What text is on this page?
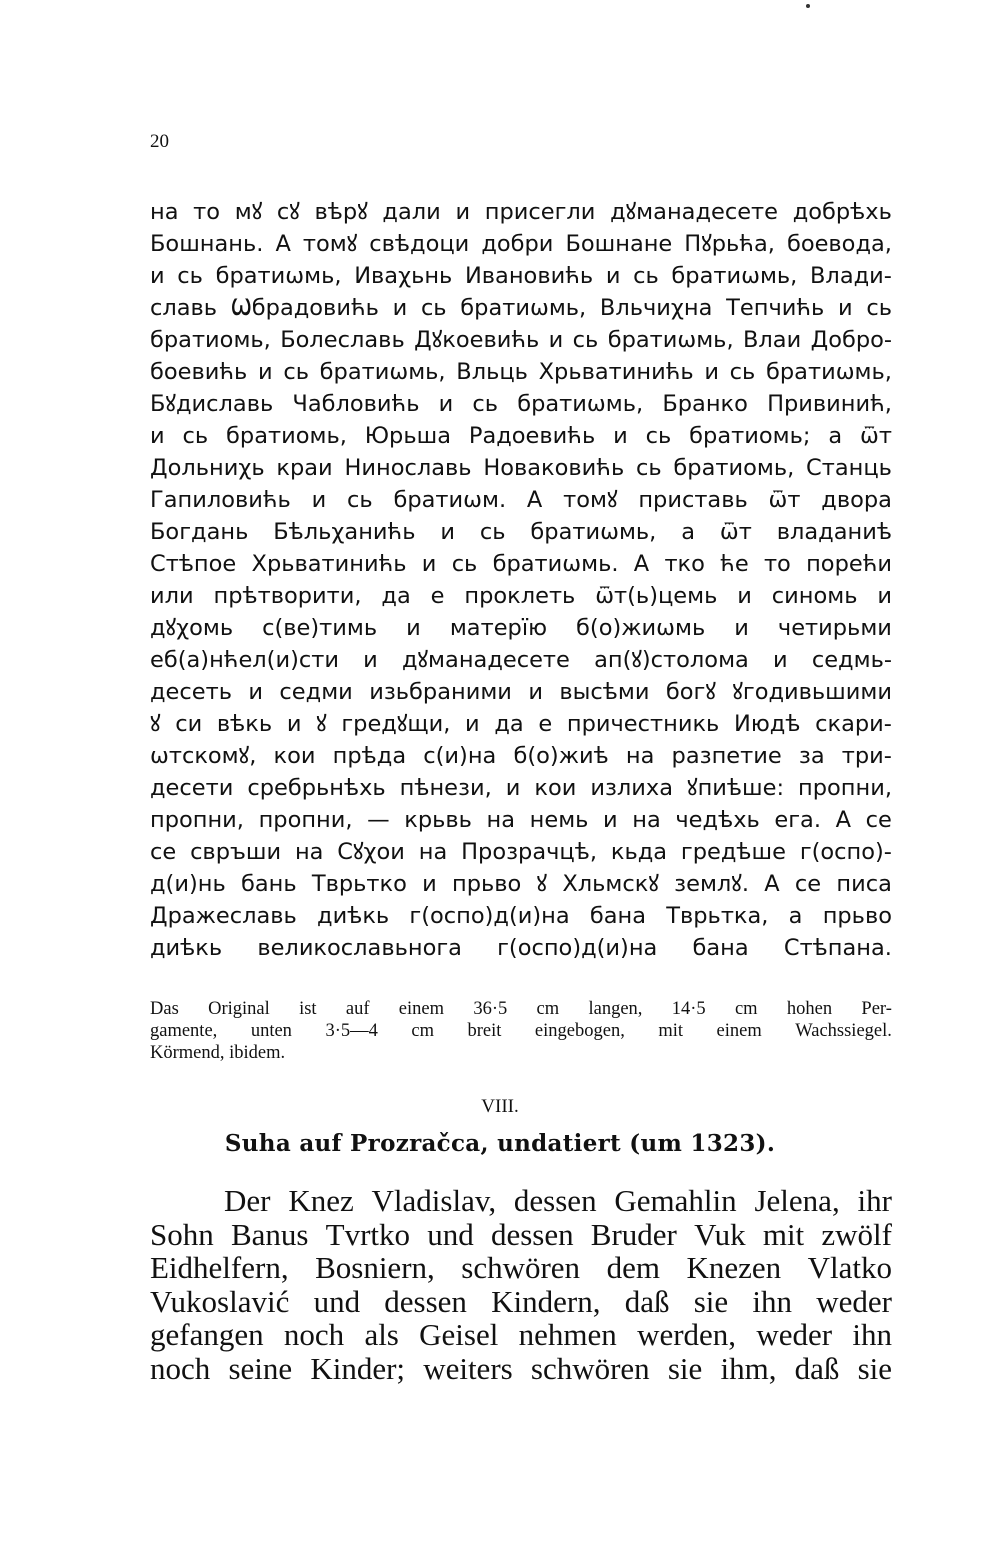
20
на то мꙋ сꙋ вѣрꙋ дали и присегли дꙋманадесете добрѣхь
Бошнань. А томꙋ свѣдоци добри Бошнане Пꙋрьћа, боевода,
и сь братиѡмь, Иваχьнь Ивановићь и сь братиѡмь, Влади-
славь Ѡбрадовићь и сь братиѡмь, Вльчиχна Тепчићь и сь
братиомь, Болеславь Дꙋкоевићь и сь братиѡмь, Влаи Добро-
боевићь и сь братиѡмь, Вльць Хрьватинићь и сь братиѡмь,
Бꙋдиславь Чабловићь и сь братиѡмь, Бранко Привинић,
и сь братиомь, Юрьша Радоевићь и сь братиомь; а ѿт
Дольниχь краи Ниноcлавь Новаковићь сь братиомь, Станць
Гапиловићь и сь братиѡм. А томꙋ приставь ѿт двора
Богдань Бѣльχанићь и сь братиѡмь, а ѿт владаниѣ
Стѣпое Хрьватинићь и сь братиѡмь. А тко ће то порећи
или прѣтворити, да е проклеть ѿт(ь)цемь и синомь и
дꙋχомь с(ве)тимь и матерїю б(о)жиѡмь и четирьми
еб(а)нћел(и)сти и дꙋманадесете ап(ꙋ)столома и седмь-
десеть и седми изьбраними и высѣми богꙋ ꙋгодивьшими
ꙋ си вѣкь и ꙋ гредꙋщи, и да е причестникь Июдѣ скари-
ѡтскомꙋ, кои прѣда с(и)на б(о)жиѣ на разпетие за три-
десети сребрьнѣхь пѣнези, и кои излиха ꙋпиѣше: пропни,
пропни, пропни, — крьвь на немь и на чедѣхь ега. А се
се свръши на Сꙋχои на Прозрачцѣ, кьда гредѣше г(оспо)-
д(и)нь бань Тврьтко и прьво ꙋ Хльмскꙋ землꙋ. А се писа
Дражеславь диѣкь г(оспо)д(и)на бана Тврьтка, а прьво
диѣкь великославьнога г(оспо)д(и)на бана Стѣпана.
Das Original ist auf einem 36·5 cm langen, 14·5 cm hohen Per-
gamente, unten 3·5—4 cm breit eingebogen, mit einem Wachssiegel.
Körmend, ibidem.
VIII.
Suha auf Prozračca, undatiert (um 1323).
Der Knez Vladislav, dessen Gemahlin Jelena, ihr
Sohn Banus Tvrtko und dessen Bruder Vuk mit zwölf
Eidhelfern, Bosniern, schwören dem Knezen Vlatko
Vukoslavić und dessen Kindern, daß sie ihn weder
gefangen noch als Geisel nehmen werden, weder ihn
noch seine Kinder; weiters schwören sie ihm, daß sie
